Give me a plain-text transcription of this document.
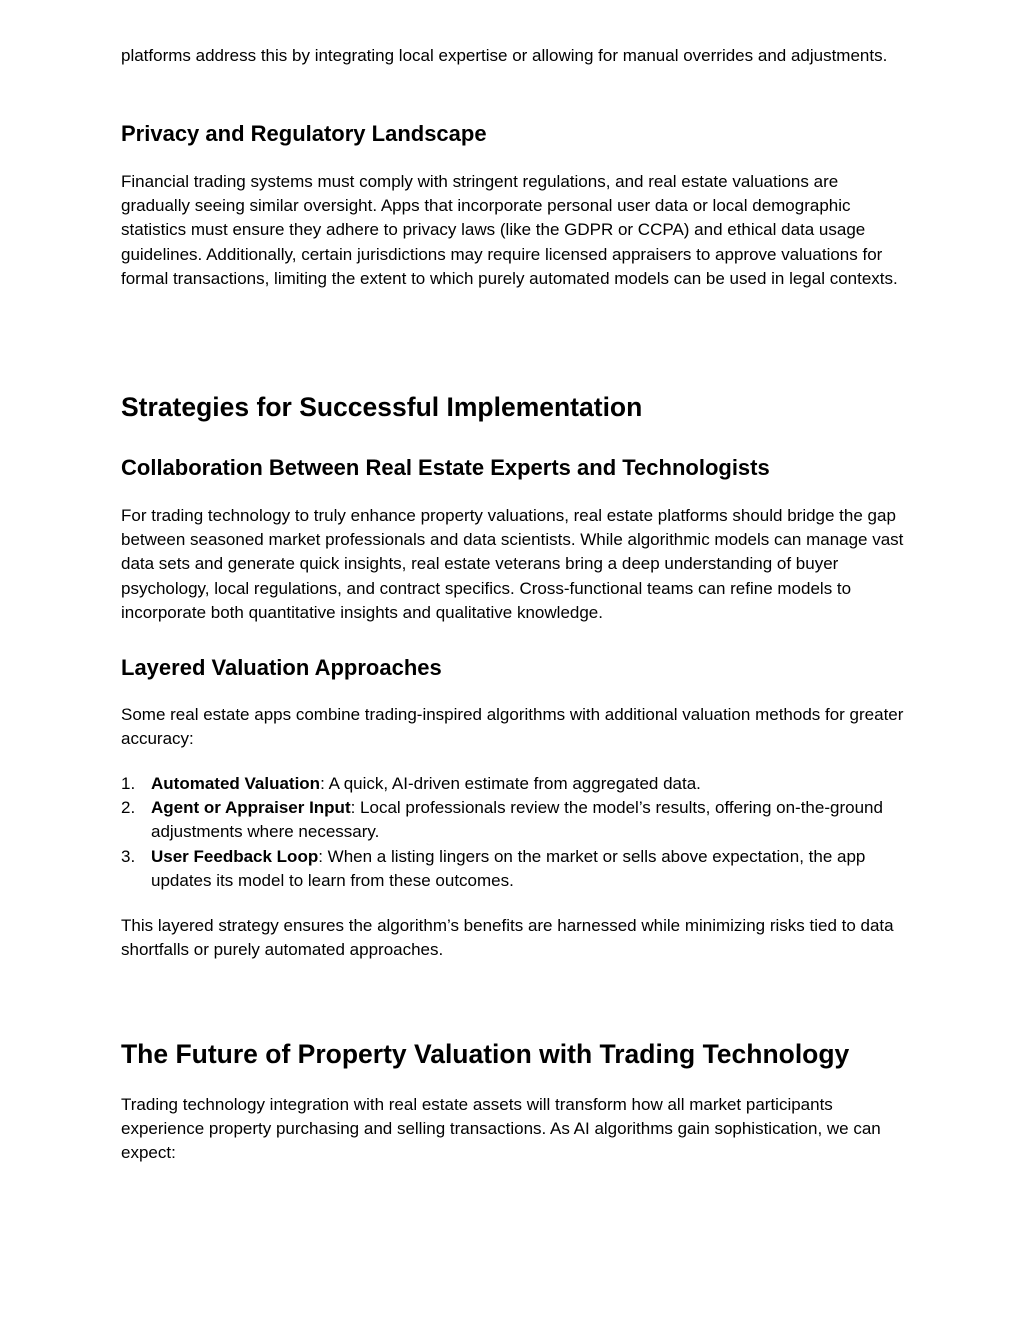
platforms address this by integrating local expertise or allowing for manual overrides and adjustments.

Privacy and Regulatory Landscape

Financial trading systems must comply with stringent regulations, and real estate valuations are gradually seeing similar oversight. Apps that incorporate personal user data or local demographic statistics must ensure they adhere to privacy laws (like the GDPR or CCPA) and ethical data usage guidelines. Additionally, certain jurisdictions may require licensed appraisers to approve valuations for formal transactions, limiting the extent to which purely automated models can be used in legal contexts.

Strategies for Successful Implementation
Collaboration Between Real Estate Experts and Technologists

For trading technology to truly enhance property valuations, real estate platforms should bridge the gap between seasoned market professionals and data scientists. While algorithmic models can manage vast data sets and generate quick insights, real estate veterans bring a deep understanding of buyer psychology, local regulations, and contract specifics. Cross-functional teams can refine models to incorporate both quantitative insights and qualitative knowledge.

Layered Valuation Approaches

Some real estate apps combine trading-inspired algorithms with additional valuation methods for greater accuracy:

1. Automated Valuation: A quick, AI-driven estimate from aggregated data.
2. Agent or Appraiser Input: Local professionals review the model’s results, offering on-the-ground adjustments where necessary.
3. User Feedback Loop: When a listing lingers on the market or sells above expectation, the app updates its model to learn from these outcomes.

This layered strategy ensures the algorithm’s benefits are harnessed while minimizing risks tied to data shortfalls or purely automated approaches.

The Future of Property Valuation with Trading Technology

Trading technology integration with real estate assets will transform how all market participants experience property purchasing and selling transactions. As AI algorithms gain sophistication, we can expect:
